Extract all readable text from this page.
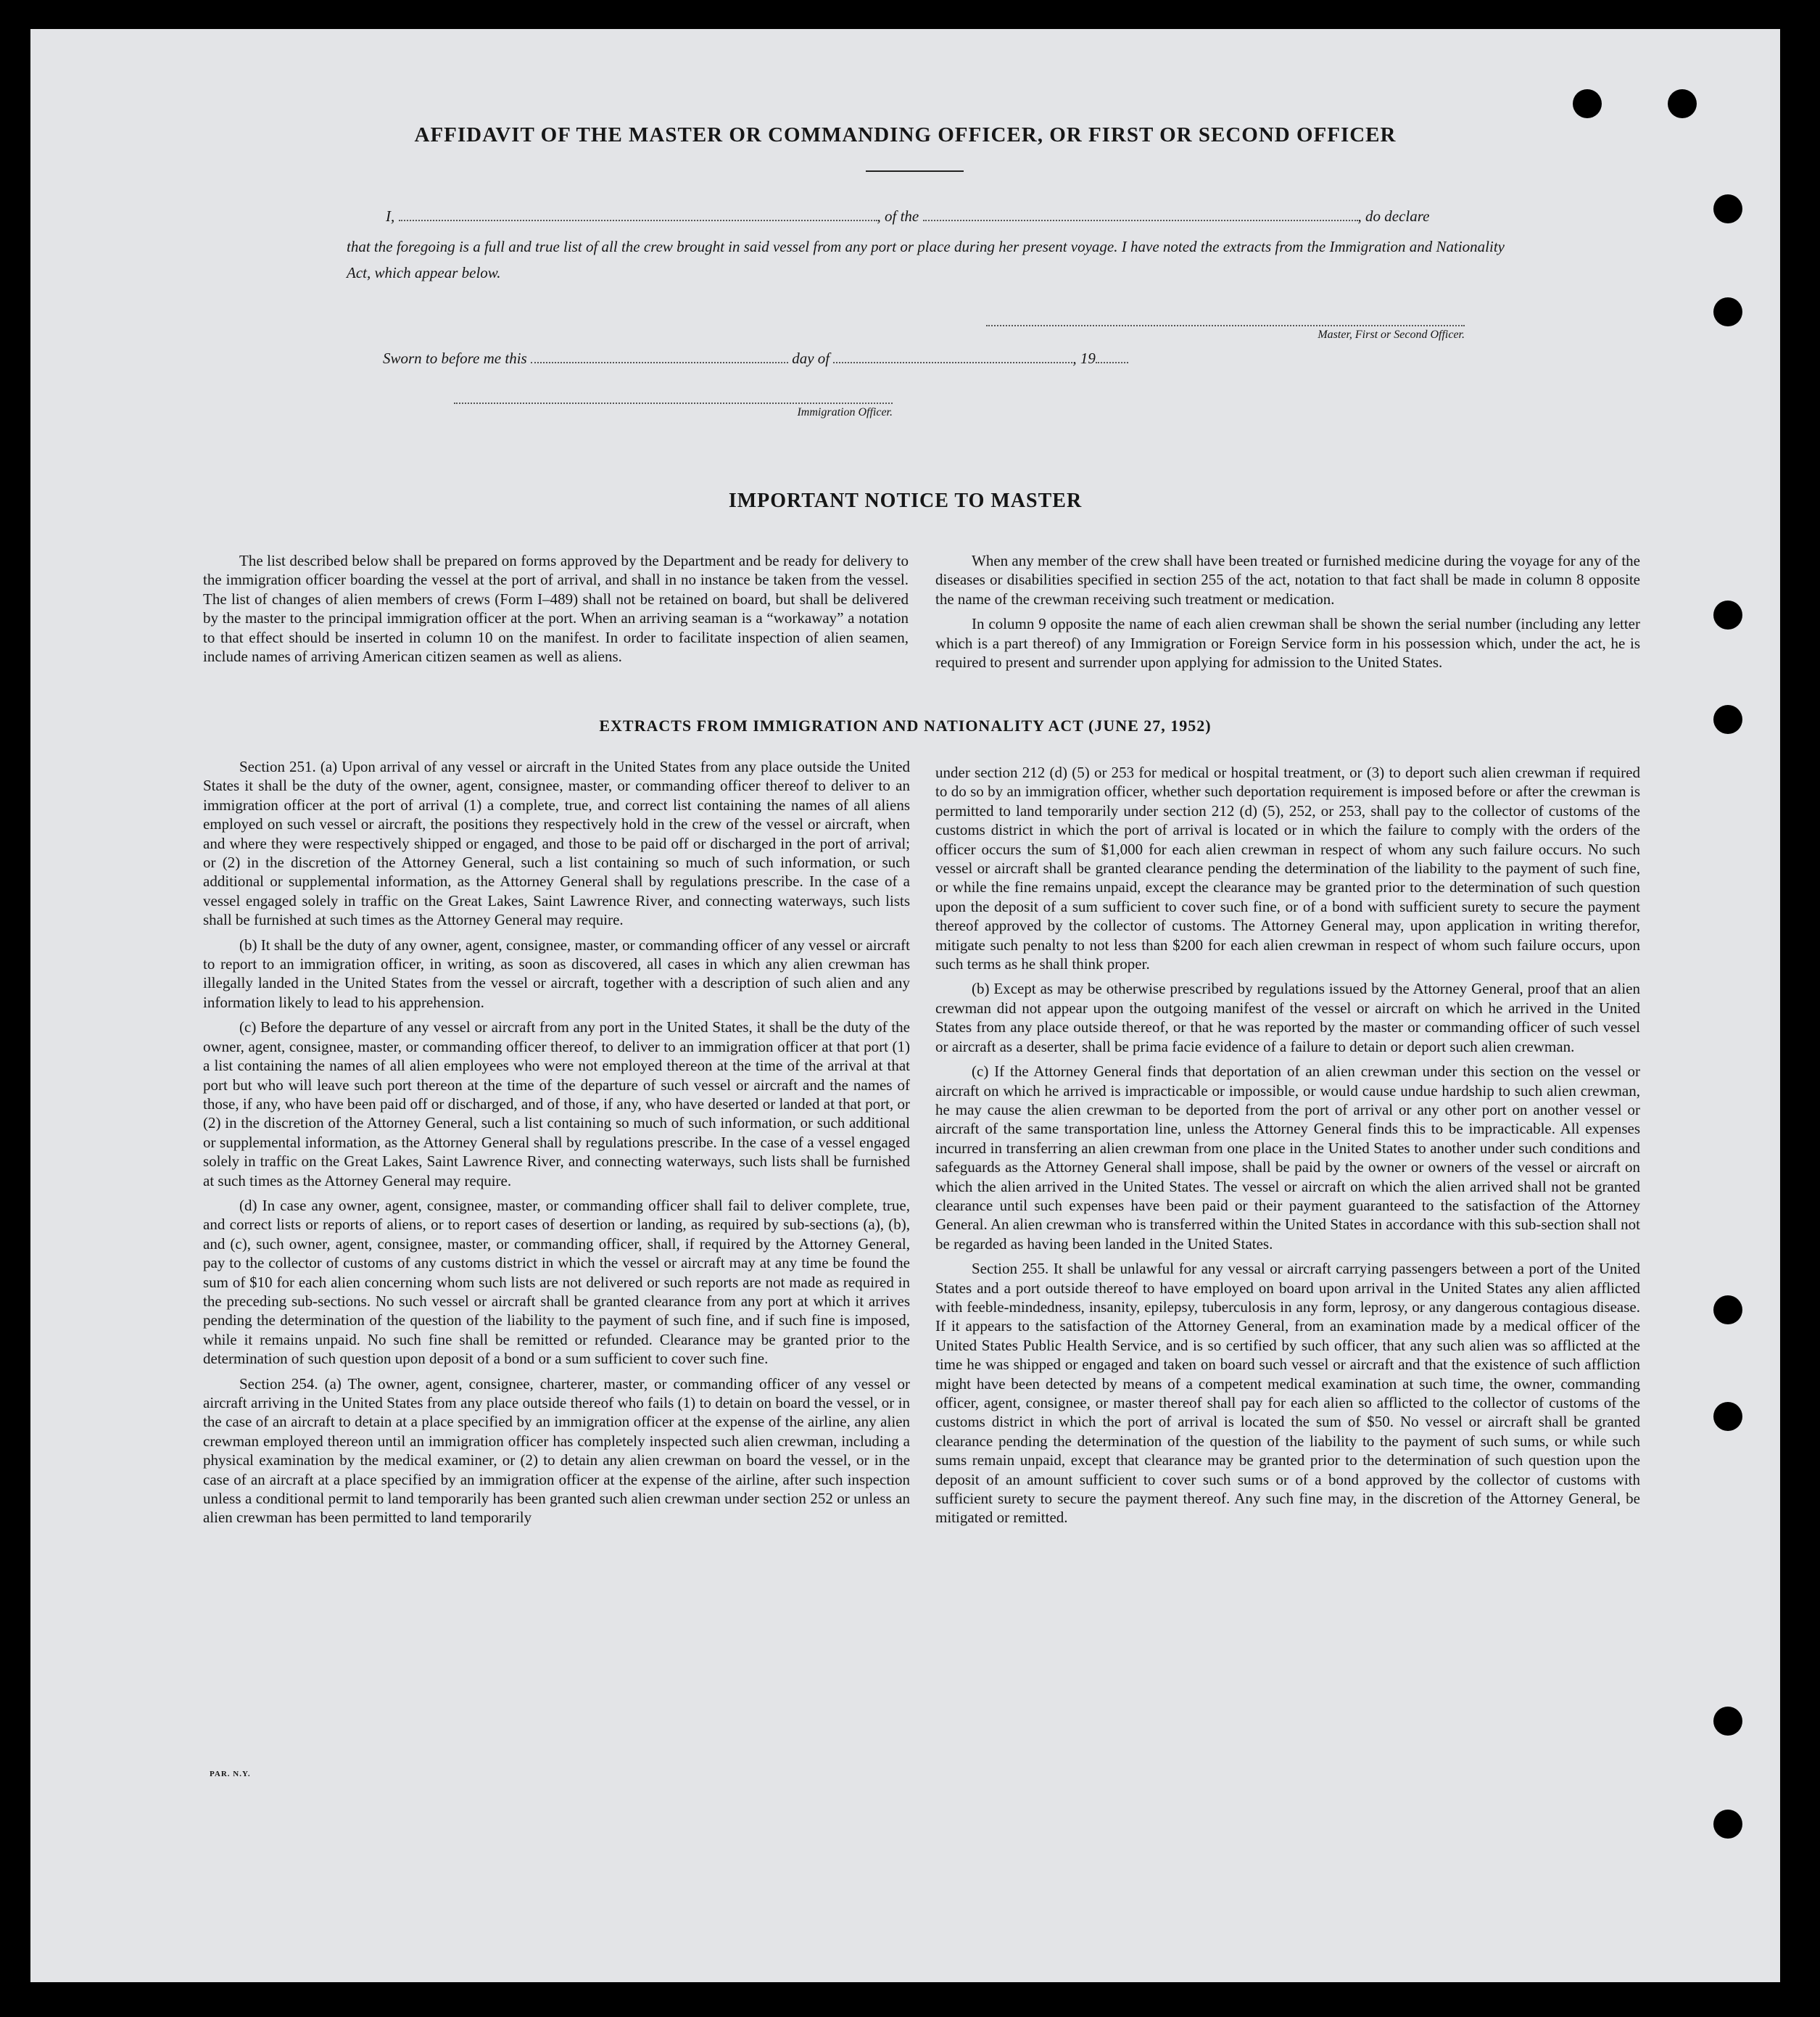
AFFIDAVIT OF THE MASTER OR COMMANDING OFFICER, OR FIRST OR SECOND OFFICER
I,	, of the	, do declare
that the foregoing is a full and true list of all the crew brought in said vessel from any port or place during her present voyage. I have noted the extracts from the Immigration and Nationality Act, which appear below.
Master, First or Second Officer.
Sworn to before me this	day of	, 19
Immigration Officer.
IMPORTANT NOTICE TO MASTER

The list described below shall be prepared on forms approved by the Department and be ready for delivery to the immigration officer boarding the vessel at the port of arrival, and shall in no instance be taken from the vessel. The list of changes of alien members of crews (Form I–489) shall not be retained on board, but shall be delivered by the master to the principal immigration officer at the port. When an arriving seaman is a “workaway” a notation to that effect should be inserted in column 10 on the manifest. In order to facilitate inspection of alien seamen, include names of arriving American citizen seamen as well as aliens.

When any member of the crew shall have been treated or furnished medicine during the voyage for any of the diseases or disabilities specified in section 255 of the act, notation to that fact shall be made in column 8 opposite the name of the crewman receiving such treatment or medication.

In column 9 opposite the name of each alien crewman shall be shown the serial number (including any letter which is a part thereof) of any Immigration or Foreign Service form in his possession which, under the act, he is required to present and surrender upon applying for admission to the United States.

EXTRACTS FROM IMMIGRATION AND NATIONALITY ACT (JUNE 27, 1952)

Section 251. (a) Upon arrival of any vessel or aircraft in the United States from any place outside the United States it shall be the duty of the owner, agent, consignee, master, or commanding officer thereof to deliver to an immigration officer at the port of arrival (1) a complete, true, and correct list containing the names of all aliens employed on such vessel or aircraft, the positions they respectively hold in the crew of the vessel or aircraft, when and where they were respectively shipped or engaged, and those to be paid off or discharged in the port of arrival; or (2) in the discretion of the Attorney General, such a list containing so much of such information, or such additional or supplemental information, as the Attorney General shall by regulations prescribe. In the case of a vessel engaged solely in traffic on the Great Lakes, Saint Lawrence River, and connecting waterways, such lists shall be furnished at such times as the Attorney General may require.

(b) It shall be the duty of any owner, agent, consignee, master, or commanding officer of any vessel or aircraft to report to an immigration officer, in writing, as soon as discovered, all cases in which any alien crewman has illegally landed in the United States from the vessel or aircraft, together with a description of such alien and any information likely to lead to his apprehension.

(c) Before the departure of any vessel or aircraft from any port in the United States, it shall be the duty of the owner, agent, consignee, master, or commanding officer thereof, to deliver to an immigration officer at that port (1) a list containing the names of all alien employees who were not employed thereon at the time of the arrival at that port but who will leave such port thereon at the time of the departure of such vessel or aircraft and the names of those, if any, who have been paid off or discharged, and of those, if any, who have deserted or landed at that port, or (2) in the discretion of the Attorney General, such a list containing so much of such information, or such additional or supplemental information, as the Attorney General shall by regulations prescribe. In the case of a vessel engaged solely in traffic on the Great Lakes, Saint Lawrence River, and connecting waterways, such lists shall be furnished at such times as the Attorney General may require.

(d) In case any owner, agent, consignee, master, or commanding officer shall fail to deliver complete, true, and correct lists or reports of aliens, or to report cases of desertion or landing, as required by sub-sections (a), (b), and (c), such owner, agent, consignee, master, or commanding officer, shall, if required by the Attorney General, pay to the collector of customs of any customs district in which the vessel or aircraft may at any time be found the sum of $10 for each alien concerning whom such lists are not delivered or such reports are not made as required in the preceding sub-sections. No such vessel or aircraft shall be granted clearance from any port at which it arrives pending the determination of the question of the liability to the payment of such fine, and if such fine is imposed, while it remains unpaid. No such fine shall be remitted or refunded. Clearance may be granted prior to the determination of such question upon deposit of a bond or a sum sufficient to cover such fine.

Section 254. (a) The owner, agent, consignee, charterer, master, or commanding officer of any vessel or aircraft arriving in the United States from any place outside thereof who fails (1) to detain on board the vessel, or in the case of an aircraft to detain at a place specified by an immigration officer at the expense of the airline, any alien crewman employed thereon until an immigration officer has completely inspected such alien crewman, including a physical examination by the medical examiner, or (2) to detain any alien crewman on board the vessel, or in the case of an aircraft at a place specified by an immigration officer at the expense of the airline, after such inspection unless a conditional permit to land temporarily has been granted such alien crewman under section 252 or unless an alien crewman has been permitted to land temporarily

under section 212 (d) (5) or 253 for medical or hospital treatment, or (3) to deport such alien crewman if required to do so by an immigration officer, whether such deportation requirement is imposed before or after the crewman is permitted to land temporarily under section 212 (d) (5), 252, or 253, shall pay to the collector of customs of the customs district in which the port of arrival is located or in which the failure to comply with the orders of the officer occurs the sum of $1,000 for each alien crewman in respect of whom any such failure occurs. No such vessel or aircraft shall be granted clearance pending the determination of the liability to the payment of such fine, or while the fine remains unpaid, except the clearance may be granted prior to the determination of such question upon the deposit of a sum sufficient to cover such fine, or of a bond with sufficient surety to secure the payment thereof approved by the collector of customs. The Attorney General may, upon application in writing therefor, mitigate such penalty to not less than $200 for each alien crewman in respect of whom such failure occurs, upon such terms as he shall think proper.

(b) Except as may be otherwise prescribed by regulations issued by the Attorney General, proof that an alien crewman did not appear upon the outgoing manifest of the vessel or aircraft on which he arrived in the United States from any place outside thereof, or that he was reported by the master or commanding officer of such vessel or aircraft as a deserter, shall be prima facie evidence of a failure to detain or deport such alien crewman.

(c) If the Attorney General finds that deportation of an alien crewman under this section on the vessel or aircraft on which he arrived is impracticable or impossible, or would cause undue hardship to such alien crewman, he may cause the alien crewman to be deported from the port of arrival or any other port on another vessel or aircraft of the same transportation line, unless the Attorney General finds this to be impracticable. All expenses incurred in transferring an alien crewman from one place in the United States to another under such conditions and safeguards as the Attorney General shall impose, shall be paid by the owner or owners of the vessel or aircraft on which the alien arrived in the United States. The vessel or aircraft on which the alien arrived shall not be granted clearance until such expenses have been paid or their payment guaranteed to the satisfaction of the Attorney General. An alien crewman who is transferred within the United States in accordance with this sub-section shall not be regarded as having been landed in the United States.

Section 255. It shall be unlawful for any vessal or aircraft carrying passengers between a port of the United States and a port outside thereof to have employed on board upon arrival in the United States any alien afflicted with feeble-mindedness, insanity, epilepsy, tuberculosis in any form, leprosy, or any dangerous contagious disease. If it appears to the satisfaction of the Attorney General, from an examination made by a medical officer of the United States Public Health Service, and is so certified by such officer, that any such alien was so afflicted at the time he was shipped or engaged and taken on board such vessel or aircraft and that the existence of such affliction might have been detected by means of a competent medical examination at such time, the owner, commanding officer, agent, consignee, or master thereof shall pay for each alien so afflicted to the collector of customs of the customs district in which the port of arrival is located the sum of $50. No vessel or aircraft shall be granted clearance pending the determination of the question of the liability to the payment of such sums, or while such sums remain unpaid, except that clearance may be granted prior to the determination of such question upon the deposit of an amount sufficient to cover such sums or of a bond approved by the collector of customs with sufficient surety to secure the payment thereof. Any such fine may, in the discretion of the Attorney General, be mitigated or remitted.

PAR. N.Y.
